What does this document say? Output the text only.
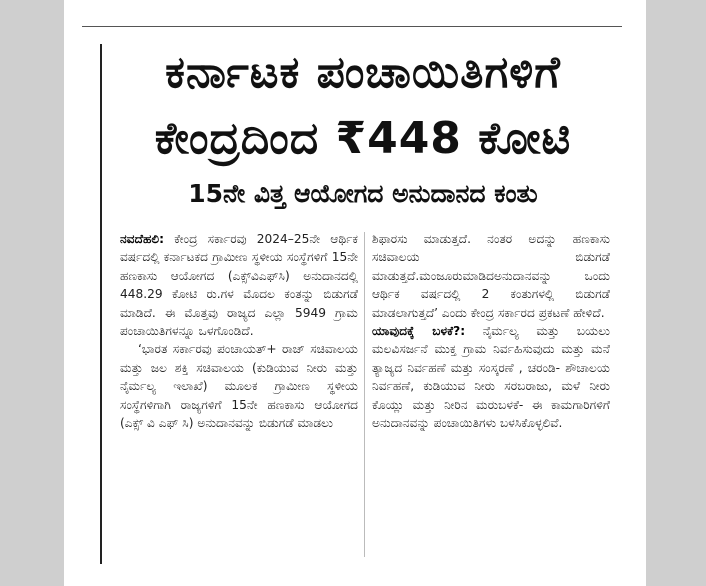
ಕರ್ನಾಟಕ ಪಂಚಾಯಿತಿಗಳಿಗೆ
ಕೇಂದ್ರದಿಂದ ₹448 ಕೋಟಿ
15ನೇ ವಿತ್ತ ಆಯೋಗದ ಅನುದಾನದ ಕಂತು

ನವದೆಹಲಿ: ಕೇಂದ್ರ ಸರ್ಕಾರವು 2024–25ನೇ ಆರ್ಥಿಕ ವರ್ಷದಲ್ಲಿ ಕರ್ನಾಟಕದ ಗ್ರಾಮೀಣ ಸ್ಥಳೀಯ ಸಂಸ್ಥೆಗಳಿಗೆ 15ನೇ ಹಣಕಾಸು ಆಯೋಗದ (ಎಕ್ಸ್‌ವಿಎಫ್‌ಸಿ) ಅನುದಾನದಲ್ಲಿ 448.29 ಕೋಟಿ ರು.ಗಳ ಮೊದಲ ಕಂತನ್ನು ಬಿಡುಗಡೆ ಮಾಡಿದೆ. ಈ ಮೊತ್ತವು ರಾಜ್ಯದ ಎಲ್ಲಾ 5949 ಗ್ರಾಮ ಪಂಚಾಯಿತಿಗಳನ್ನೂ ಒಳಗೊಂಡಿದೆ.

‘ಭಾರತ ಸರ್ಕಾರವು ಪಂಚಾಯತ್‌+ ರಾಜ್ ಸಚಿವಾಲಯ ಮತ್ತು ಜಲ ಶಕ್ತಿ ಸಚಿವಾಲಯ (ಕುಡಿಯುವ ನೀರು ಮತ್ತು ನೈರ್ಮಲ್ಯ ಇಲಾಖೆ) ಮೂಲಕ ಗ್ರಾಮೀಣ ಸ್ಥಳೀಯ ಸಂಸ್ಥೆಗಳಿಗಾಗಿ ರಾಜ್ಯಗಳಿಗೆ 15ನೇ ಹಣಕಾಸು ಆಯೋಗದ (ಎಕ್ಸ್ ವಿ ಎಫ್ ಸಿ) ಅನುದಾನವನ್ನು ಬಿಡುಗಡೆ ಮಾಡಲು

ಶಿಫಾರಸು ಮಾಡುತ್ತದೆ. ನಂತರ ಅದನ್ನು ಹಣಕಾಸು ಸಚಿವಾಲಯ ಬಿಡುಗಡೆ ಮಾಡುತ್ತದೆ.ಮಂಜೂರುಮಾಡಿದಅನುದಾನವನ್ನು ಒಂದು ಆರ್ಥಿಕ ವರ್ಷದಲ್ಲಿ 2 ಕಂತುಗಳಲ್ಲಿ ಬಿಡುಗಡೆ ಮಾಡಲಾಗುತ್ತದೆ’ ಎಂದು ಕೇಂದ್ರ ಸರ್ಕಾರದ ಪ್ರಕಟಣೆ ಹೇಳಿದೆ.

ಯಾವುದಕ್ಕೆ ಬಳಕೆ?: ನೈರ್ಮಲ್ಯ ಮತ್ತು ಬಯಲು ಮಲವಿಸರ್ಜನೆ ಮುಕ್ತ ಗ್ರಾಮ ನಿರ್ವಹಿಸುವುದು ಮತ್ತು ಮನೆ ತ್ಯಾಜ್ಯದ ನಿರ್ವಹಣೆ ಮತ್ತು ಸಂಸ್ಕರಣೆ , ಚರಂಡಿ- ಶೌಚಾಲಯ ನಿರ್ವಹಣೆ, ಕುಡಿಯುವ ನೀರು ಸರಬರಾಜು, ಮಳೆ ನೀರು ಕೊಯ್ಲು ಮತ್ತು ನೀರಿನ ಮರುಬಳಕೆ- ಈ ಕಾಮಗಾರಿಗಳಿಗೆ ಅನುದಾನವನ್ನು ಪಂಚಾಯಿತಿಗಳು ಬಳಸಿಕೊಳ್ಳಲಿವೆ.
